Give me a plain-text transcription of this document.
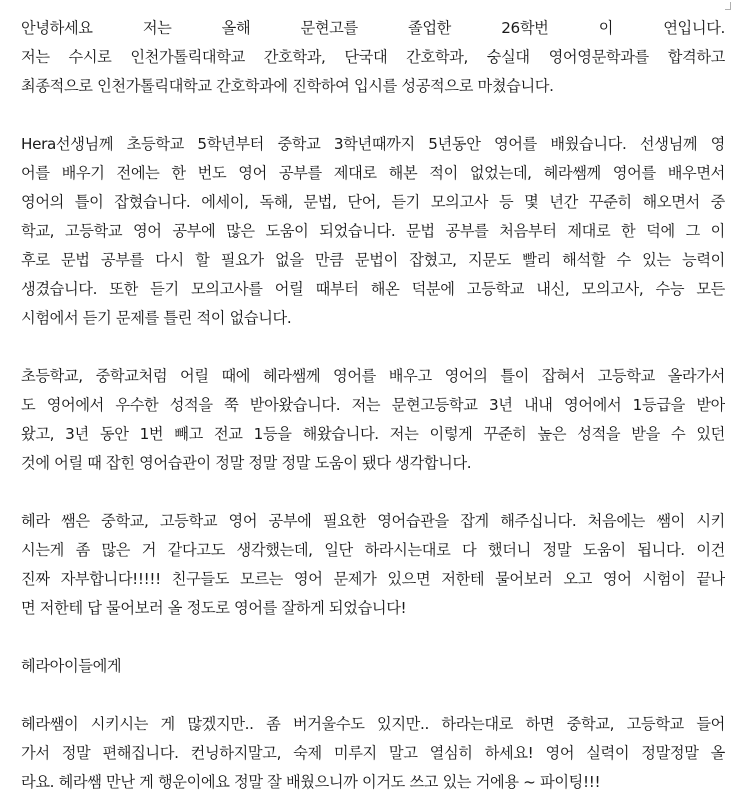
안녕하세요 저는 올해 문현고를 졸업한 26학번 이 연입니다.
저는 수시로 인천가톨릭대학교 간호학과, 단국대 간호학과, 숭실대 영어영문학과를 합격하고
최종적으로 인천가톨릭대학교 간호학과에 진학하여 입시를 성공적으로 마쳤습니다.
Hera선생님께 초등학교 5학년부터 중학교 3학년때까지 5년동안 영어를 배웠습니다. 선생님께 영
어를 배우기 전에는 한 번도 영어 공부를 제대로 해본 적이 없었는데, 헤라쌤께 영어를 배우면서
영어의 틀이 잡혔습니다. 에세이, 독해, 문법, 단어, 듣기 모의고사 등 몇 년간 꾸준히 해오면서 중
학교, 고등학교 영어 공부에 많은 도움이 되었습니다. 문법 공부를 처음부터 제대로 한 덕에 그 이
후로 문법 공부를 다시 할 필요가 없을 만큼 문법이 잡혔고, 지문도 빨리 해석할 수 있는 능력이
생겼습니다. 또한 듣기 모의고사를 어릴 때부터 해온 덕분에 고등학교 내신, 모의고사, 수능 모든
시험에서 듣기 문제를 틀린 적이 없습니다.
초등학교, 중학교처럼 어릴 때에 헤라쌤께 영어를 배우고 영어의 틀이 잡혀서 고등학교 올라가서
도 영어에서 우수한 성적을 쭉 받아왔습니다. 저는 문현고등학교 3년 내내 영어에서 1등급을 받아
왔고, 3년 동안 1번 빼고 전교 1등을 해왔습니다. 저는 이렇게 꾸준히 높은 성적을 받을 수 있던
것에 어릴 때 잡힌 영어습관이 정말 정말 정말 도움이 됐다 생각합니다.
헤라 쌤은 중학교, 고등학교 영어 공부에 필요한 영어습관을 잡게 해주십니다. 처음에는 쌤이 시키
시는게 좀 많은 거 같다고도 생각했는데, 일단 하라시는대로 다 했더니 정말 도움이 됩니다. 이건
진짜 자부합니다!!!!! 친구들도 모르는 영어 문제가 있으면 저한테 물어보러 오고 영어 시험이 끝나
면 저한테 답 물어보러 올 정도로 영어를 잘하게 되었습니다!
헤라아이들에게
헤라쌤이 시키시는 게 많겠지만.. 좀 버거울수도 있지만.. 하라는대로 하면 중학교, 고등학교 들어
가서 정말 편해집니다. 컨닝하지말고, 숙제 미루지 말고 열심히 하세요! 영어 실력이 정말정말 올
라요. 헤라쌤 만난 게 행운이에요 정말 잘 배웠으니까 이거도 쓰고 있는 거에용 ~ 파이팅!!!
